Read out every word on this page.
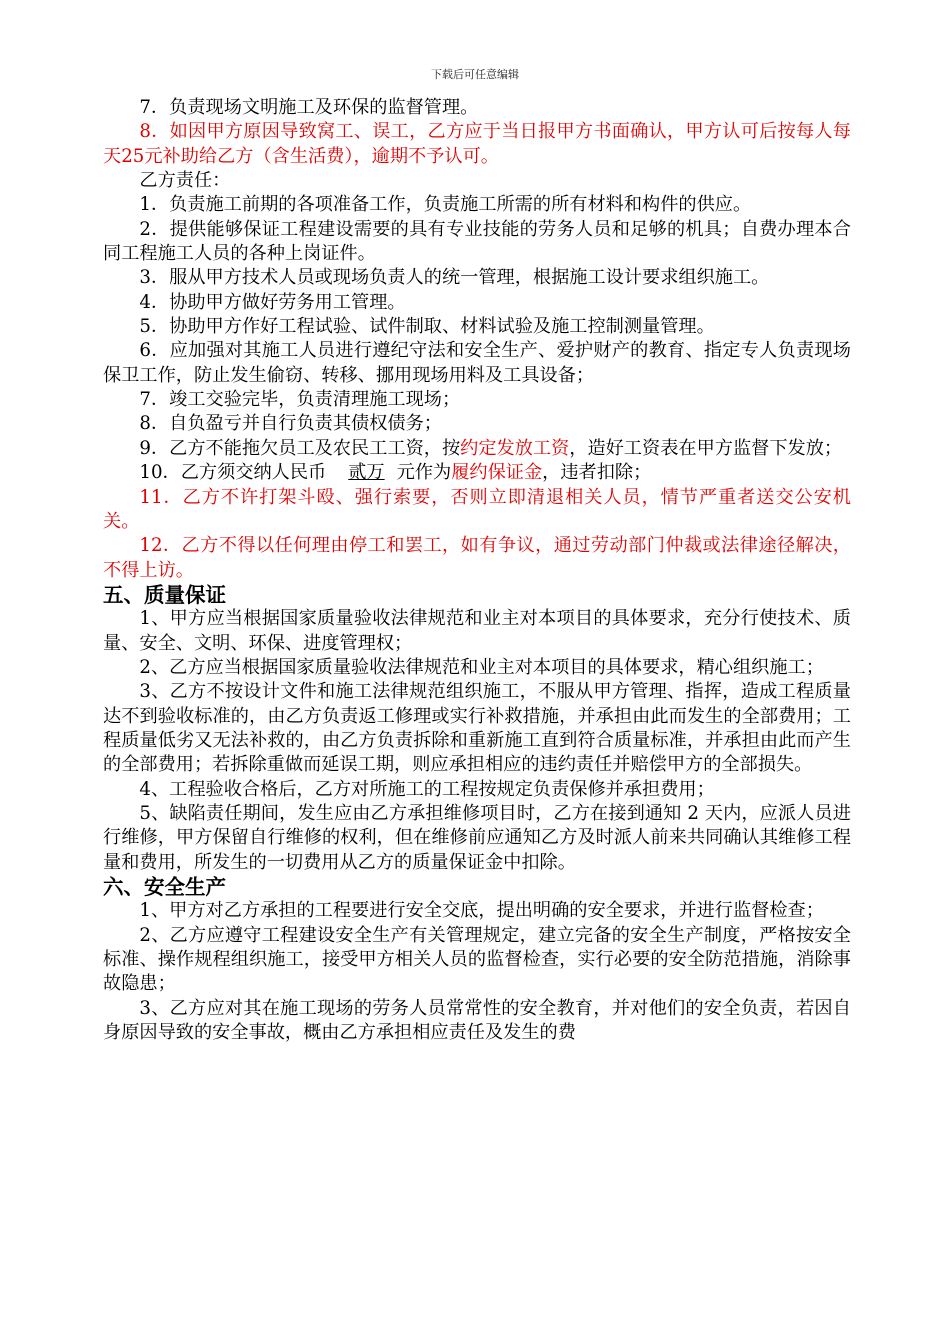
下载后可任意编辑

7．负责现场文明施工及环保的监督管理。

8．如因甲方原因导致窝工、误工，乙方应于当日报甲方书面确认，甲方认可后按每人每天25元补助给乙方（含生活费），逾期不予认可。

乙方责任：

1．负责施工前期的各项准备工作，负责施工所需的所有材料和构件的供应。

2．提供能够保证工程建设需要的具有专业技能的劳务人员和足够的机具；自费办理本合同工程施工人员的各种上岗证件。

3．服从甲方技术人员或现场负责人的统一管理，根据施工设计要求组织施工。

4．协助甲方做好劳务用工管理。

5．协助甲方作好工程试验、试件制取、材料试验及施工控制测量管理。

6．应加强对其施工人员进行遵纪守法和安全生产、爱护财产的教育、指定专人负责现场保卫工作，防止发生偷窃、转移、挪用现场用料及工具设备；

7．竣工交验完毕，负责清理施工现场；

8．自负盈亏并自行负责其债权债务；

9．乙方不能拖欠员工及农民工工资，按约定发放工资，造好工资表在甲方监督下发放；

10．乙方须交纳人民币 贰万 元作为履约保证金，违者扣除；

11．乙方不许打架斗殴、强行索要，否则立即清退相关人员，情节严重者送交公安机关。

12．乙方不得以任何理由停工和罢工，如有争议，通过劳动部门仲裁或法律途径解决，不得上访。

五、质量保证

1、甲方应当根据国家质量验收法律规范和业主对本项目的具体要求，充分行使技术、质量、安全、文明、环保、进度管理权；

2、乙方应当根据国家质量验收法律规范和业主对本项目的具体要求，精心组织施工；

3、乙方不按设计文件和施工法律规范组织施工，不服从甲方管理、指挥，造成工程质量达不到验收标准的，由乙方负责返工修理或实行补救措施，并承担由此而发生的全部费用；工程质量低劣又无法补救的，由乙方负责拆除和重新施工直到符合质量标准，并承担由此而产生的全部费用；若拆除重做而延误工期，则应承担相应的违约责任并赔偿甲方的全部损失。

4、工程验收合格后，乙方对所施工的工程按规定负责保修并承担费用；

5、缺陷责任期间，发生应由乙方承担维修项目时，乙方在接到通知 2 天内，应派人员进行维修，甲方保留自行维修的权利，但在维修前应通知乙方及时派人前来共同确认其维修工程量和费用，所发生的一切费用从乙方的质量保证金中扣除。

六、安全生产

1、甲方对乙方承担的工程要进行安全交底，提出明确的安全要求，并进行监督检查；

2、乙方应遵守工程建设安全生产有关管理规定，建立完备的安全生产制度，严格按安全标准、操作规程组织施工，接受甲方相关人员的监督检查，实行必要的安全防范措施，消除事故隐患；

3、乙方应对其在施工现场的劳务人员常常性的安全教育，并对他们的安全负责，若因自身原因导致的安全事故，概由乙方承担相应责任及发生的费
